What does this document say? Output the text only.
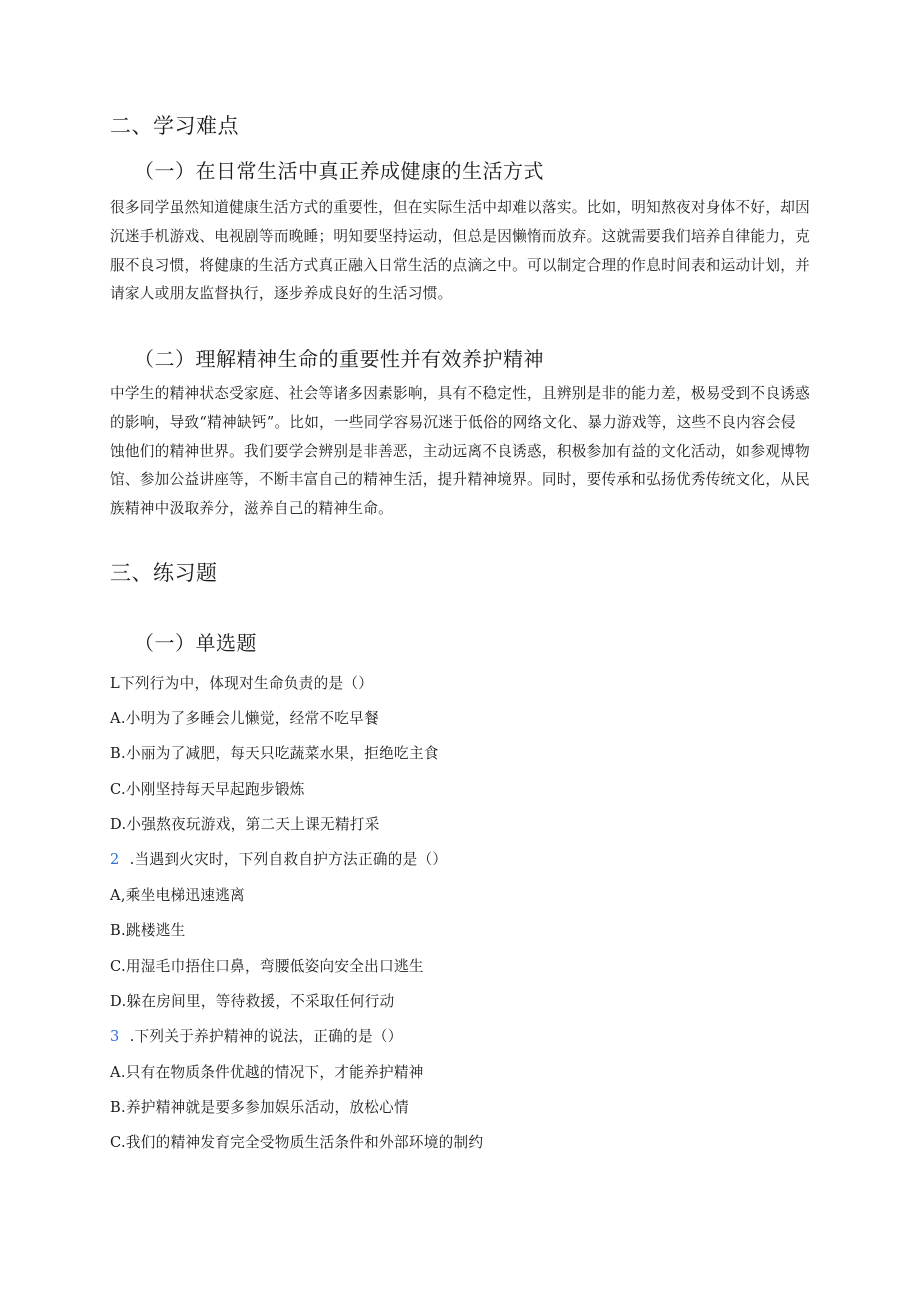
二、学习难点
（一）在日常生活中真正养成健康的生活方式

很多同学虽然知道健康生活方式的重要性，但在实际生活中却难以落实。比如，明知熬夜对身体不好，却因沉迷手机游戏、电视剧等而晚睡；明知要坚持运动，但总是因懒惰而放弃。这就需要我们培养自律能力，克服不良习惯，将健康的生活方式真正融入日常生活的点滴之中。可以制定合理的作息时间表和运动计划，并请家人或朋友监督执行，逐步养成良好的生活习惯。

（二）理解精神生命的重要性并有效养护精神

中学生的精神状态受家庭、社会等诸多因素影响，具有不稳定性，且辨别是非的能力差，极易受到不良诱惑的影响，导致“精神缺钙”。比如，一些同学容易沉迷于低俗的网络文化、暴力游戏等，这些不良内容会侵蚀他们的精神世界。我们要学会辨别是非善恶，主动远离不良诱惑，积极参加有益的文化活动，如参观博物馆、参加公益讲座等，不断丰富自己的精神生活，提升精神境界。同时，要传承和弘扬优秀传统文化，从民族精神中汲取养分，滋养自己的精神生命。

三、练习题
（一）单选题
L下列行为中，体现对生命负责的是（）
A.小明为了多睡会儿懒觉，经常不吃早餐
B.小丽为了减肥，每天只吃蔬菜水果，拒绝吃主食
C.小刚坚持每天早起跑步锻炼
D.小强熬夜玩游戏，第二天上课无精打采
2 .当遇到火灾时，下列自救自护方法正确的是（）
A,乘坐电梯迅速逃离
B.跳楼逃生
C.用湿毛巾捂住口鼻，弯腰低姿向安全出口逃生
D.躲在房间里，等待救援，不采取任何行动
3 .下列关于养护精神的说法，正确的是（）
A.只有在物质条件优越的情况下，才能养护精神
B.养护精神就是要多参加娱乐活动，放松心情
C.我们的精神发育完全受物质生活条件和外部环境的制约
